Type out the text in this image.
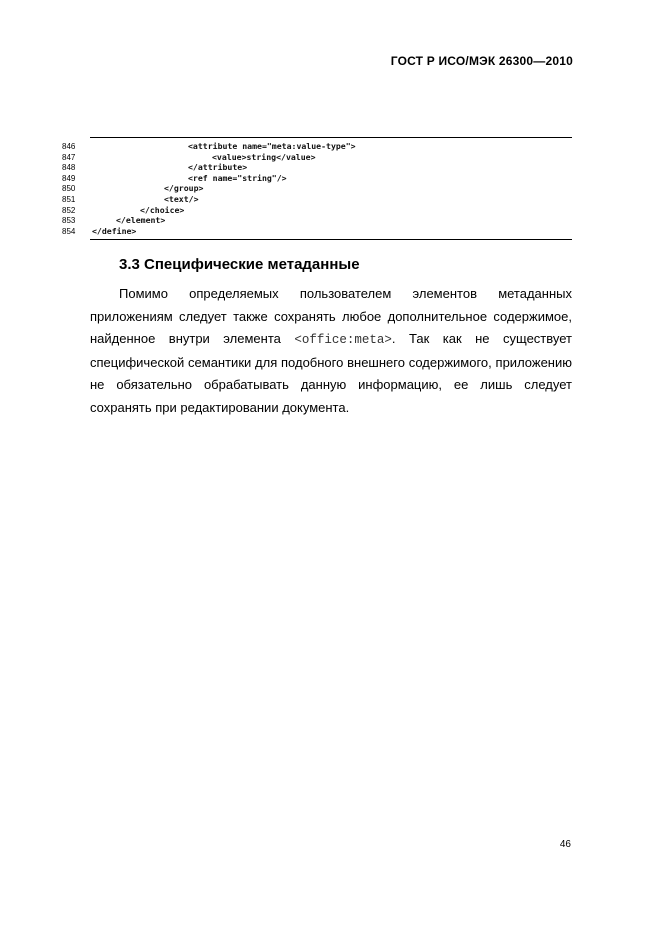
ГОСТ Р ИСО/МЭК 26300—2010
846	<attribute name="meta:value-type">
847	<value>string</value>
848	</attribute>
849	<ref name="string"/>
850	</group>
851	<text/>
852	</choice>
853	</element>
854	</define>
3.3 Специфические метаданные

Помимо определяемых пользователем элементов метаданных приложениям следует также сохранять любое дополнительное содержимое, найденное внутри элемента <office:meta>. Так как не существует специфической семантики для подобного внешнего содержимого, приложению не обязательно обрабатывать данную информацию, ее лишь следует сохранять при редактировании документа.

46
